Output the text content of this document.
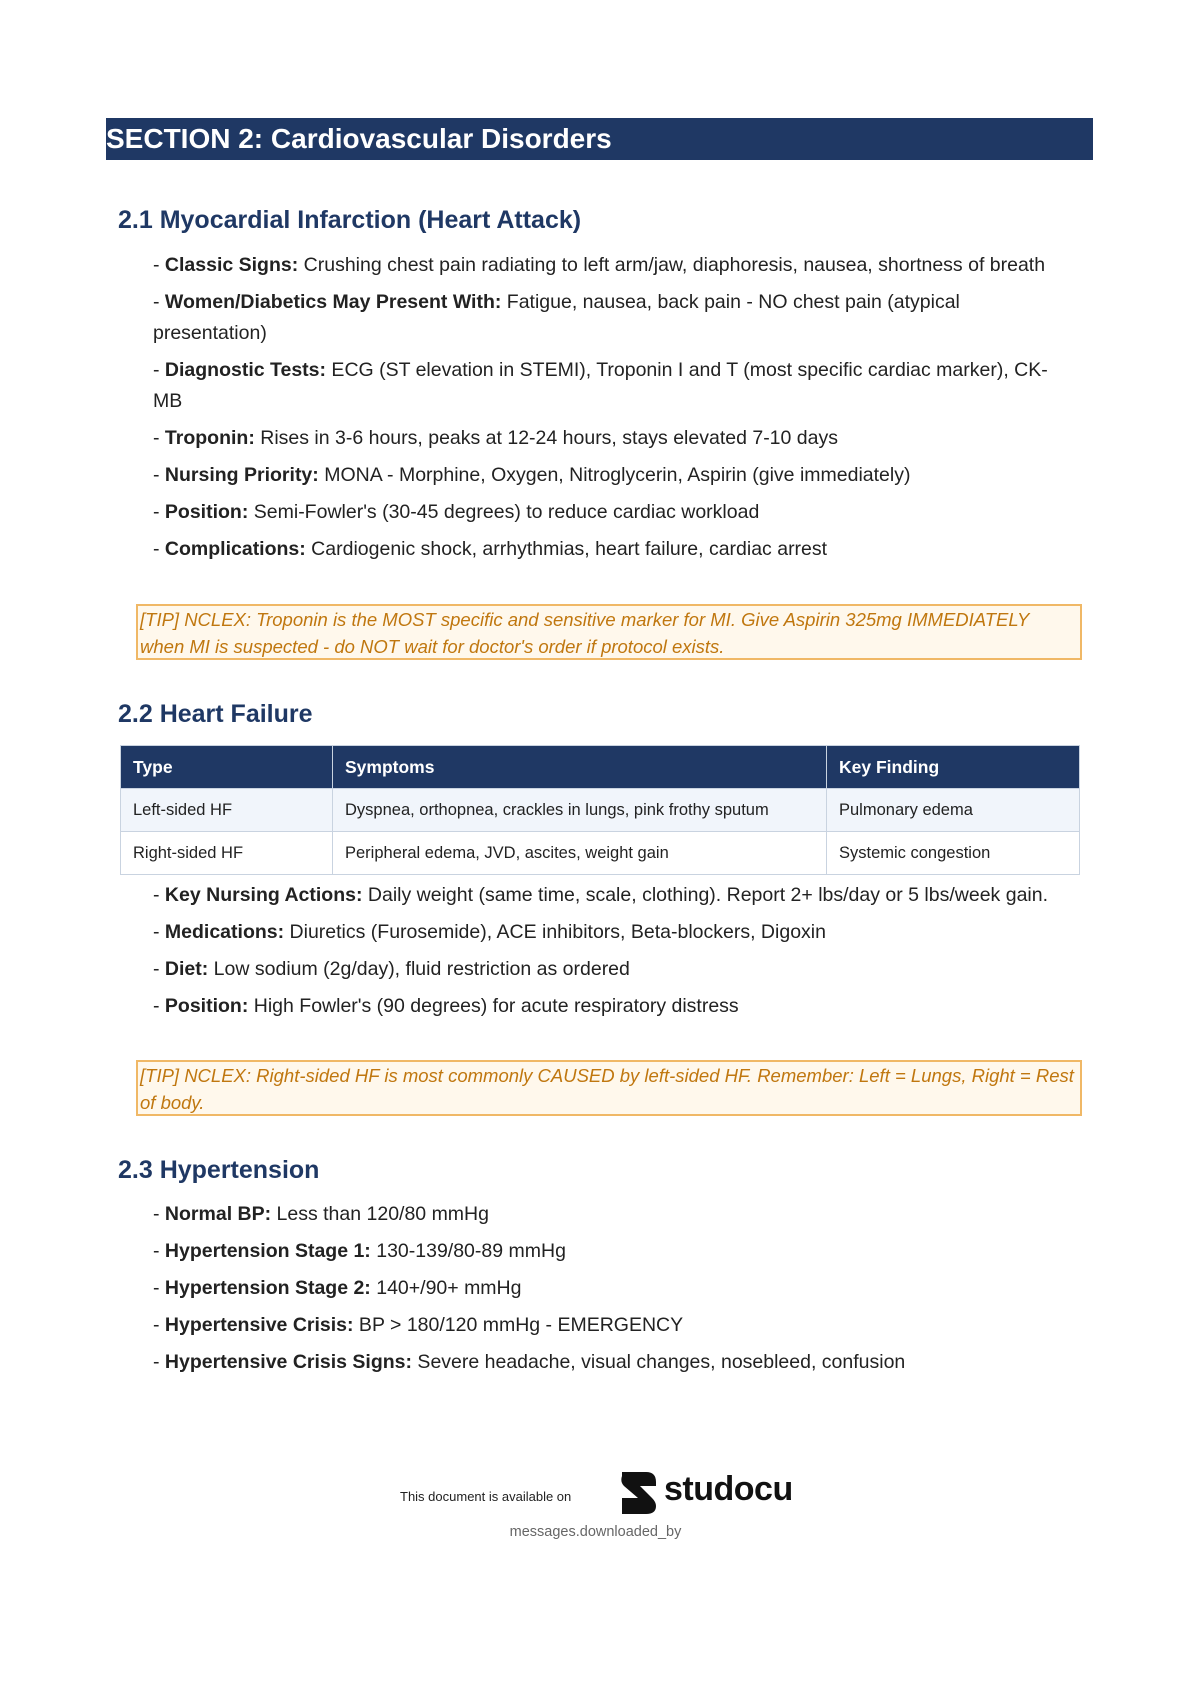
SECTION 2: Cardiovascular Disorders
2.1 Myocardial Infarction (Heart Attack)
- Classic Signs: Crushing chest pain radiating to left arm/jaw, diaphoresis, nausea, shortness of breath
- Women/Diabetics May Present With: Fatigue, nausea, back pain - NO chest pain (atypical presentation)
- Diagnostic Tests: ECG (ST elevation in STEMI), Troponin I and T (most specific cardiac marker), CK-MB
- Troponin: Rises in 3-6 hours, peaks at 12-24 hours, stays elevated 7-10 days
- Nursing Priority: MONA - Morphine, Oxygen, Nitroglycerin, Aspirin (give immediately)
- Position: Semi-Fowler's (30-45 degrees) to reduce cardiac workload
- Complications: Cardiogenic shock, arrhythmias, heart failure, cardiac arrest
[TIP] NCLEX: Troponin is the MOST specific and sensitive marker for MI. Give Aspirin 325mg IMMEDIATELY when MI is suspected - do NOT wait for doctor's order if protocol exists.
2.2 Heart Failure
Type	Symptoms	Key Finding
Left-sided HF	Dyspnea, orthopnea, crackles in lungs, pink frothy sputum	Pulmonary edema
Right-sided HF	Peripheral edema, JVD, ascites, weight gain	Systemic congestion
- Key Nursing Actions: Daily weight (same time, scale, clothing). Report 2+ lbs/day or 5 lbs/week gain.
- Medications: Diuretics (Furosemide), ACE inhibitors, Beta-blockers, Digoxin
- Diet: Low sodium (2g/day), fluid restriction as ordered
- Position: High Fowler's (90 degrees) for acute respiratory distress
[TIP] NCLEX: Right-sided HF is most commonly CAUSED by left-sided HF. Remember: Left = Lungs, Right = Rest of body.
2.3 Hypertension
- Normal BP: Less than 120/80 mmHg
- Hypertension Stage 1: 130-139/80-89 mmHg
- Hypertension Stage 2: 140+/90+ mmHg
- Hypertensive Crisis: BP > 180/120 mmHg - EMERGENCY
- Hypertensive Crisis Signs: Severe headache, visual changes, nosebleed, confusion
This document is available on	studocu
messages.downloaded_by
